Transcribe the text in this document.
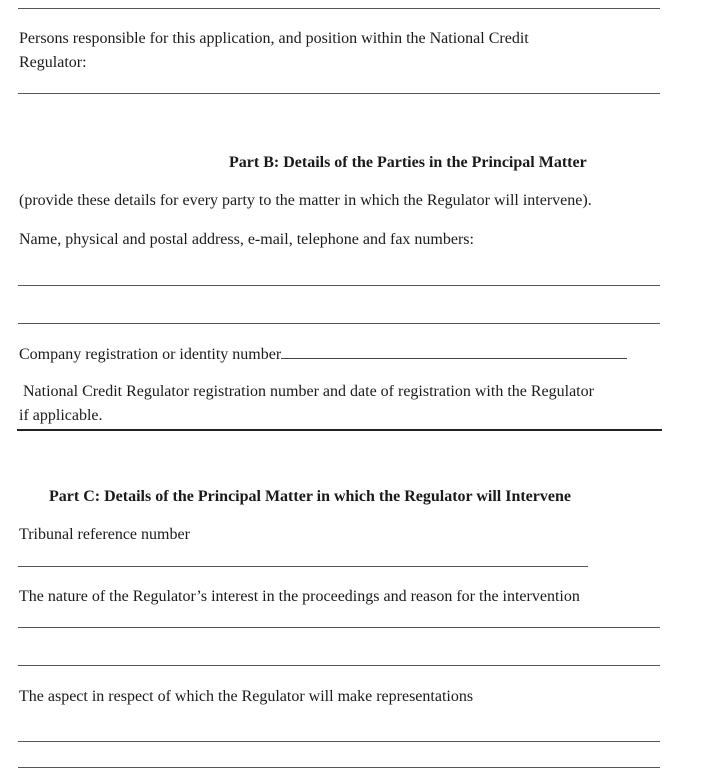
Persons responsible for this application, and position within the National Credit
Regulator:
Part B: Details of the Parties in the Principal Matter
(provide these details for every party to the matter in which the Regulator will intervene).
Name, physical and postal address, e-mail, telephone and fax numbers:
Company registration or identity number
National Credit Regulator registration number and date of registration with the Regulator
if applicable.
Part C: Details of the Principal Matter in which the Regulator will Intervene
Tribunal reference number
The nature of the Regulator’s interest in the proceedings and reason for the intervention
The aspect in respect of which the Regulator will make representations
